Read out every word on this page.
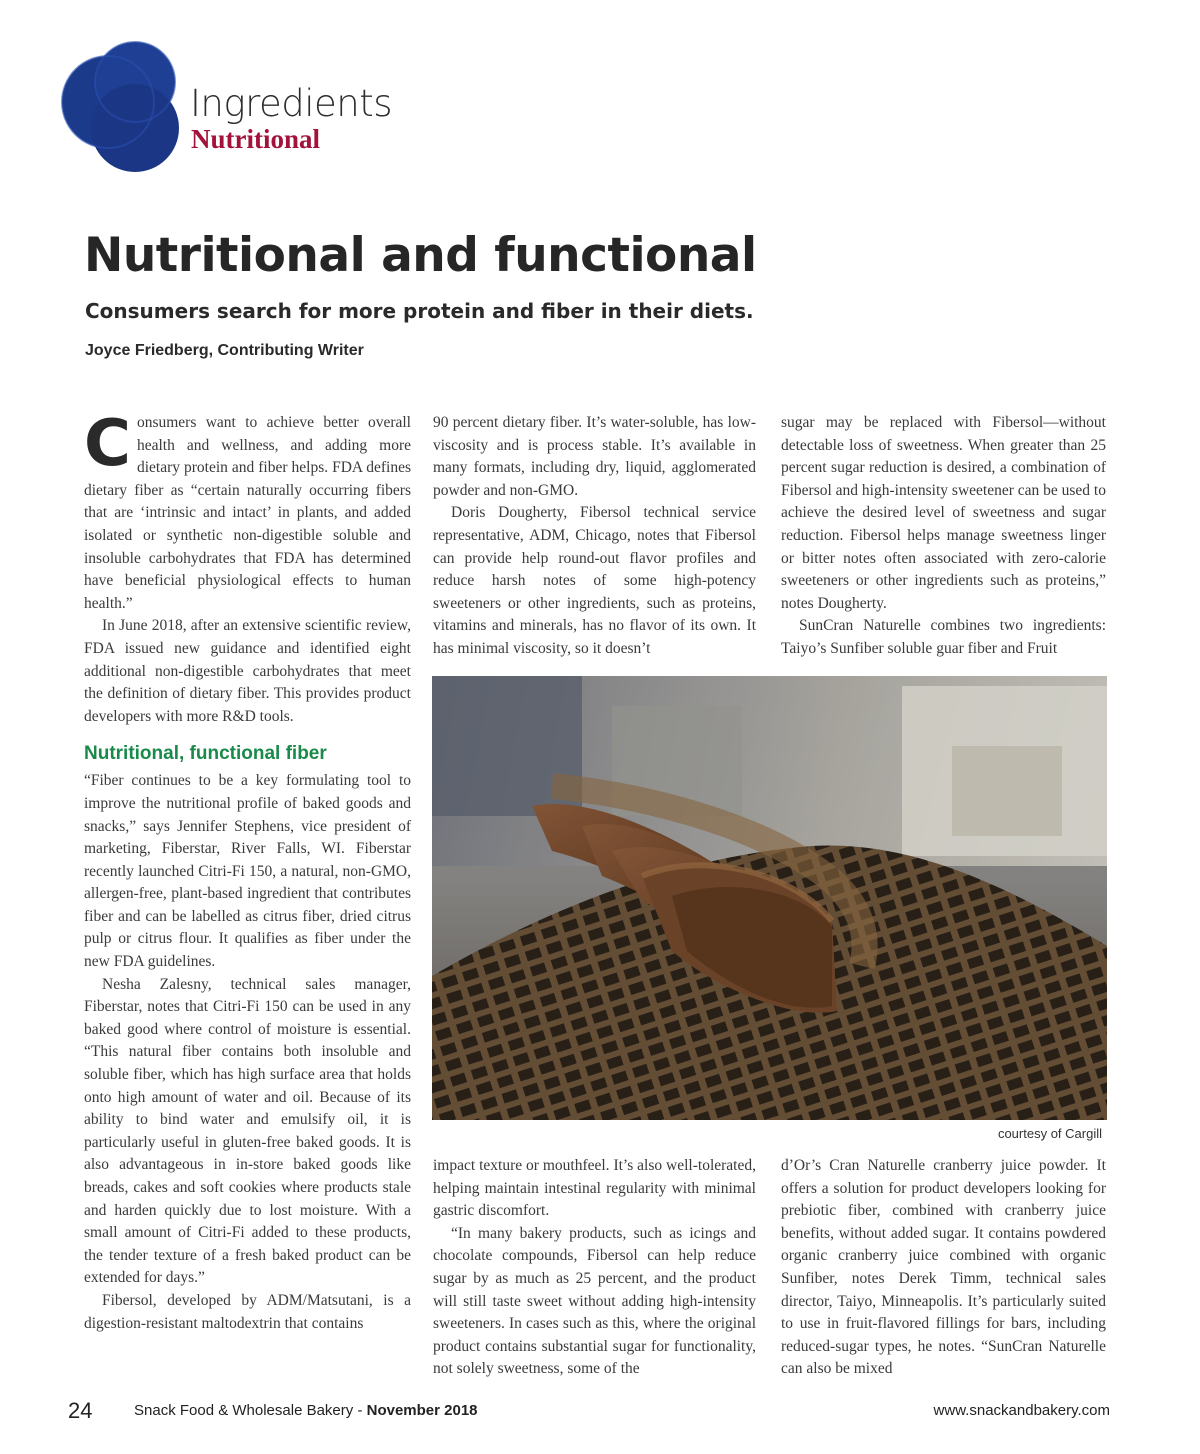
Ingredients
Nutritional
Nutritional and functional
Consumers search for more protein and fiber in their diets.
Joyce Friedberg, Contributing Writer

Consumers want to achieve better overall health and wellness, and adding more dietary protein and fiber helps. FDA defines dietary fiber as “certain naturally occurring fibers that are ‘intrinsic and intact’ in plants, and added isolated or synthetic non-digestible soluble and insoluble carbohydrates that FDA has determined have beneficial physiological effects to human health.”

In June 2018, after an extensive scientific review, FDA issued new guidance and identified eight additional non-digestible carbohydrates that meet the definition of dietary fiber. This provides product developers with more R&D tools.

Nutritional, functional fiber

“Fiber continues to be a key formulating tool to improve the nutritional profile of baked goods and snacks,” says Jennifer Stephens, vice president of marketing, Fiberstar, River Falls, WI. Fiberstar recently launched Citri-Fi 150, a natural, non-GMO, allergen-free, plant-based ingredient that contributes fiber and can be labelled as citrus fiber, dried citrus pulp or citrus flour. It qualifies as fiber under the new FDA guidelines.

Nesha Zalesny, technical sales manager, Fiberstar, notes that Citri-Fi 150 can be used in any baked good where control of moisture is essential. “This natural fiber contains both insoluble and soluble fiber, which has high surface area that holds onto high amount of water and oil. Because of its ability to bind water and emulsify oil, it is particularly useful in gluten-free baked goods. It is also advantageous in in-store baked goods like breads, cakes and soft cookies where products stale and harden quickly due to lost moisture. With a small amount of Citri-Fi added to these products, the tender texture of a fresh baked product can be extended for days.”

Fibersol, developed by ADM/Matsutani, is a digestion-resistant maltodextrin that contains

90 percent dietary fiber. It’s water-soluble, has low-viscosity and is process stable. It’s available in many formats, including dry, liquid, agglomerated powder and non-GMO.

Doris Dougherty, Fibersol technical service representative, ADM, Chicago, notes that Fibersol can provide help round-out flavor profiles and reduce harsh notes of some high-potency sweeteners or other ingredients, such as proteins, vitamins and minerals, has no flavor of its own. It has minimal viscosity, so it doesn’t

sugar may be replaced with Fibersol—without detectable loss of sweetness. When greater than 25 percent sugar reduction is desired, a combination of Fibersol and high-intensity sweetener can be used to achieve the desired level of sweetness and sugar reduction. Fibersol helps manage sweetness linger or bitter notes often associated with zero-calorie sweeteners or other ingredients such as proteins,” notes Dougherty.

SunCran Naturelle combines two ingredients: Taiyo’s Sunfiber soluble guar fiber and Fruit

courtesy of Cargill

impact texture or mouthfeel. It’s also well-tolerated, helping maintain intestinal regularity with minimal gastric discomfort.

“In many bakery products, such as icings and chocolate compounds, Fibersol can help reduce sugar by as much as 25 percent, and the product will still taste sweet without adding high-intensity sweeteners. In cases such as this, where the original product contains substantial sugar for functionality, not solely sweetness, some of the

d’Or’s Cran Naturelle cranberry juice powder. It offers a solution for product developers looking for prebiotic fiber, combined with cranberry juice benefits, without added sugar. It contains powdered organic cranberry juice combined with organic Sunfiber, notes Derek Timm, technical sales director, Taiyo, Minneapolis. It’s particularly suited to use in fruit-flavored fillings for bars, including reduced-sugar types, he notes. “SunCran Naturelle can also be mixed

24	Snack Food & Wholesale Bakery - November 2018	www.snackandbakery.com
